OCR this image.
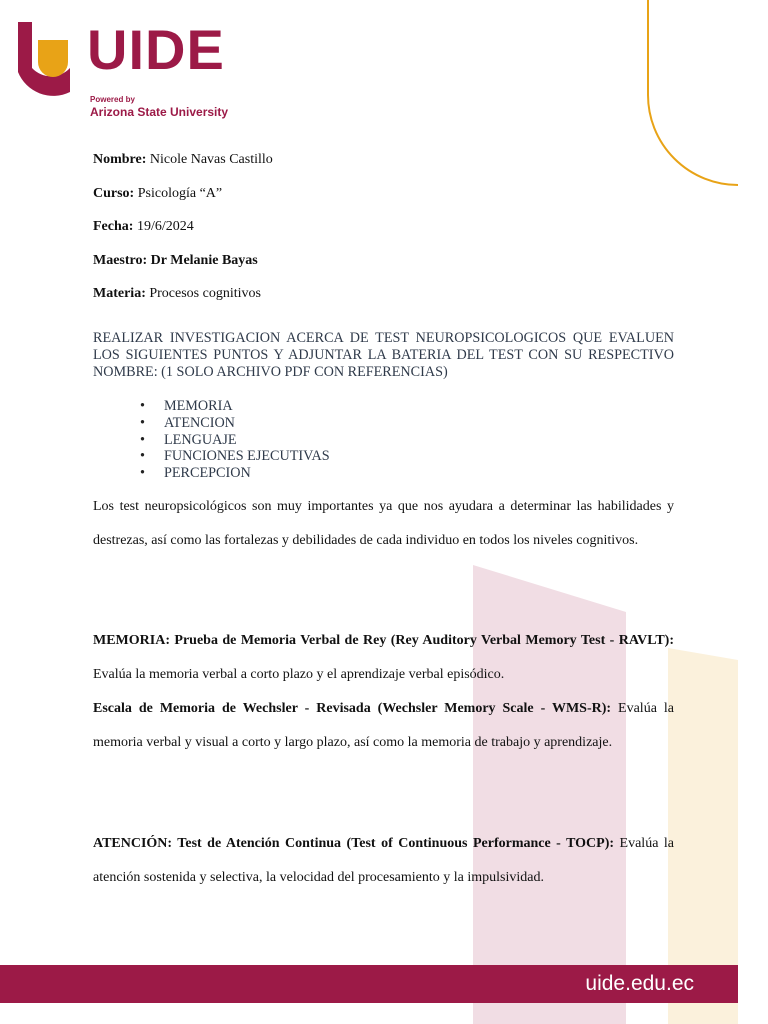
UIDE
Powered by
Arizona State University
Nombre: Nicole Navas Castillo
Curso: Psicología “A”
Fecha: 19/6/2024
Maestro: Dr Melanie Bayas
Materia: Procesos cognitivos
REALIZAR INVESTIGACION ACERCA DE TEST NEUROPSICOLOGICOS QUE EVALUEN LOS SIGUIENTES PUNTOS Y ADJUNTAR LA BATERIA DEL TEST CON SU RESPECTIVO NOMBRE: (1 SOLO ARCHIVO PDF CON REFERENCIAS)
• MEMORIA
• ATENCION
• LENGUAJE
• FUNCIONES EJECUTIVAS
• PERCEPCION
Los test neuropsicológicos son muy importantes ya que nos ayudara a determinar las habilidades y destrezas, así como las fortalezas y debilidades de cada individuo en todos los niveles cognitivos.
MEMORIA: Prueba de Memoria Verbal de Rey (Rey Auditory Verbal Memory Test - RAVLT): Evalúa la memoria verbal a corto plazo y el aprendizaje verbal episódico.
Escala de Memoria de Wechsler - Revisada (Wechsler Memory Scale - WMS-R): Evalúa la memoria verbal y visual a corto y largo plazo, así como la memoria de trabajo y aprendizaje.
ATENCIÓN: Test de Atención Continua (Test of Continuous Performance - TOCP): Evalúa la atención sostenida y selectiva, la velocidad del procesamiento y la impulsividad.
uide.edu.ec
